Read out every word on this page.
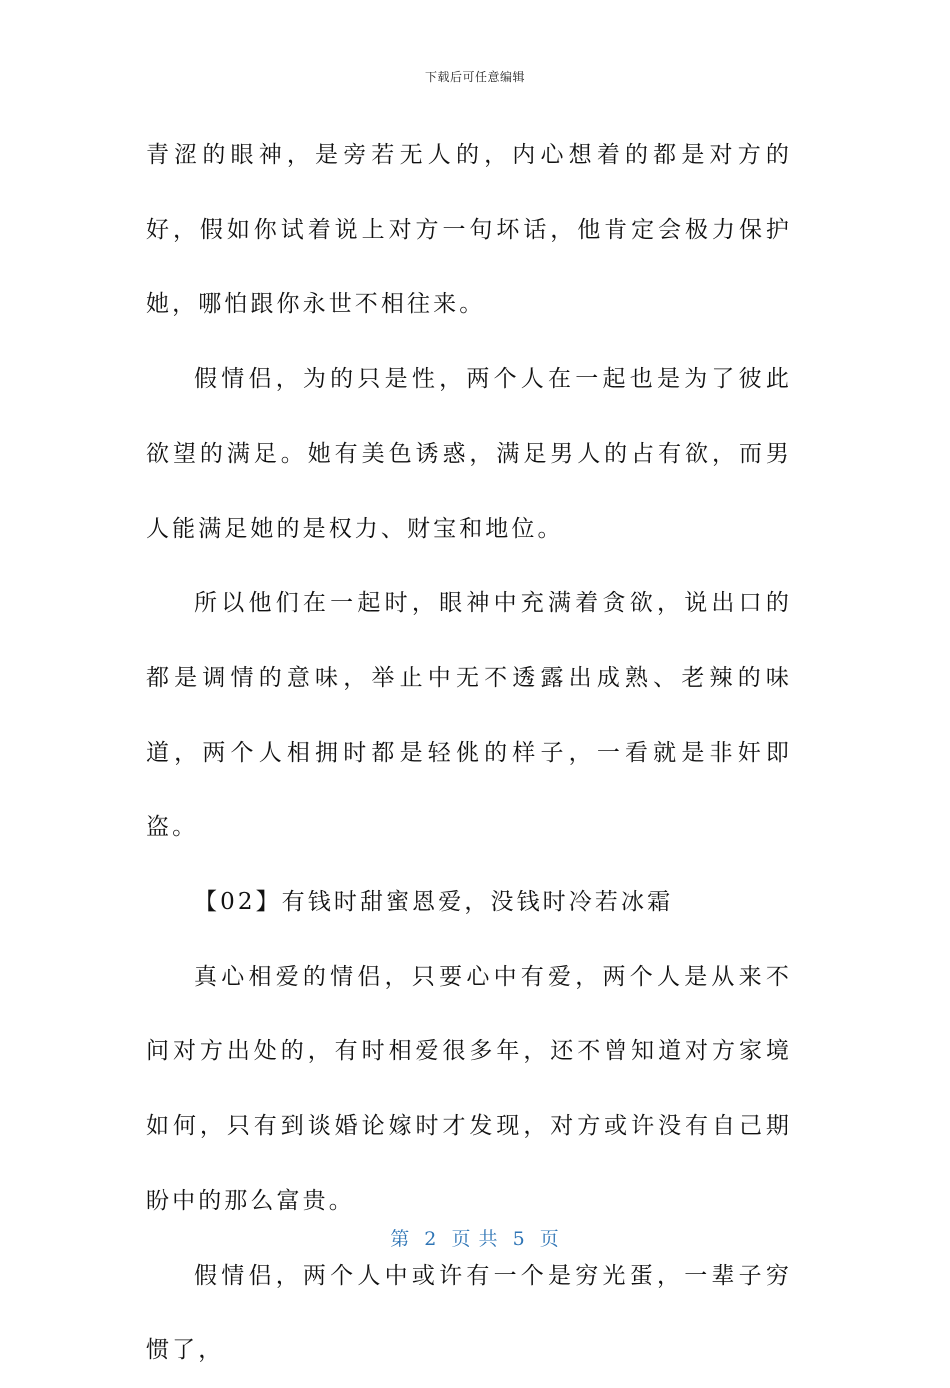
下载后可任意编辑

青涩的眼神，是旁若无人的，内心想着的都是对方的好，假如你试着说上对方一句坏话，他肯定会极力保护她，哪怕跟你永世不相往来。

假情侣，为的只是性，两个人在一起也是为了彼此欲望的满足。她有美色诱惑，满足男人的占有欲，而男人能满足她的是权力、财宝和地位。

所以他们在一起时，眼神中充满着贪欲，说出口的都是调情的意味，举止中无不透露出成熟、老辣的味道，两个人相拥时都是轻佻的样子，一看就是非奸即盗。

【02】有钱时甜蜜恩爱，没钱时冷若冰霜

真心相爱的情侣，只要心中有爱，两个人是从来不问对方出处的，有时相爱很多年，还不曾知道对方家境如何，只有到谈婚论嫁时才发现，对方或许没有自己期盼中的那么富贵。

假情侣，两个人中或许有一个是穷光蛋，一辈子穷惯了，

第  2  页 共  5  页
